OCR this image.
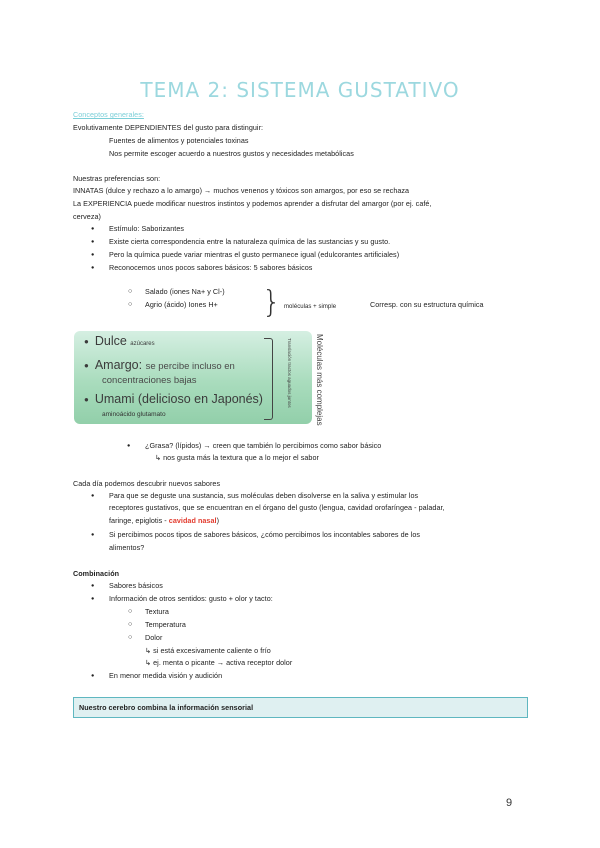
TEMA 2: SISTEMA GUSTATIVO
Conceptos generales:
Evolutivamente DEPENDIENTES del gusto para distinguir:
Fuentes de alimentos y potenciales toxinas
Nos permite escoger acuerdo a nuestros gustos y necesidades metabólicas
Nuestras preferencias son:
INNATAS (dulce y rechazo a lo amargo) → muchos venenos y tóxicos son amargos, por eso se rechaza
La EXPERIENCIA puede modificar nuestros instintos y podemos aprender a disfrutar del amargor (por ej. café,
cerveza)
● Estímulo: Saborizantes
● Existe cierta correspondencia entre la naturaleza química de las sustancias y su gusto.
● Pero la química puede variar mientras el gusto permanece igual (edulcorantes artificiales)
● Reconocemos unos pocos sabores básicos: 5 sabores básicos
○ Salado (iones Na+ y Cl-)
○ Agrio (ácido) Iones H+ } moléculas + simple	Corresp. con su estructura química
● Dulce azúcares
● Amargo: se percibe incluso en
concentraciones bajas
● Umami (delicioso en Japonés)
aminoácido glutamato
Translación tractos aguados juntos	Moléculas más complejas
● ¿Grasa? (lípidos) → creen que también lo percibimos como sabor básico
↳ nos gusta más la textura que a lo mejor el sabor
Cada día podemos descubrir nuevos sabores
● Para que se deguste una sustancia, sus moléculas deben disolverse en la saliva y estimular los
receptores gustativos, que se encuentran en el órgano del gusto (lengua, cavidad orofaríngea - paladar,
faringe, epiglotis - cavidad nasal)
● Si percibimos pocos tipos de sabores básicos, ¿cómo percibimos los incontables sabores de los
alimentos?
Combinación
● Sabores básicos
● Información de otros sentidos: gusto + olor y tacto:
○ Textura
○ Temperatura
○ Dolor
↳ si está excesivamente caliente o frío
↳ ej. menta o picante → activa receptor dolor
● En menor medida visión y audición
Nuestro cerebro combina la información sensorial
9
